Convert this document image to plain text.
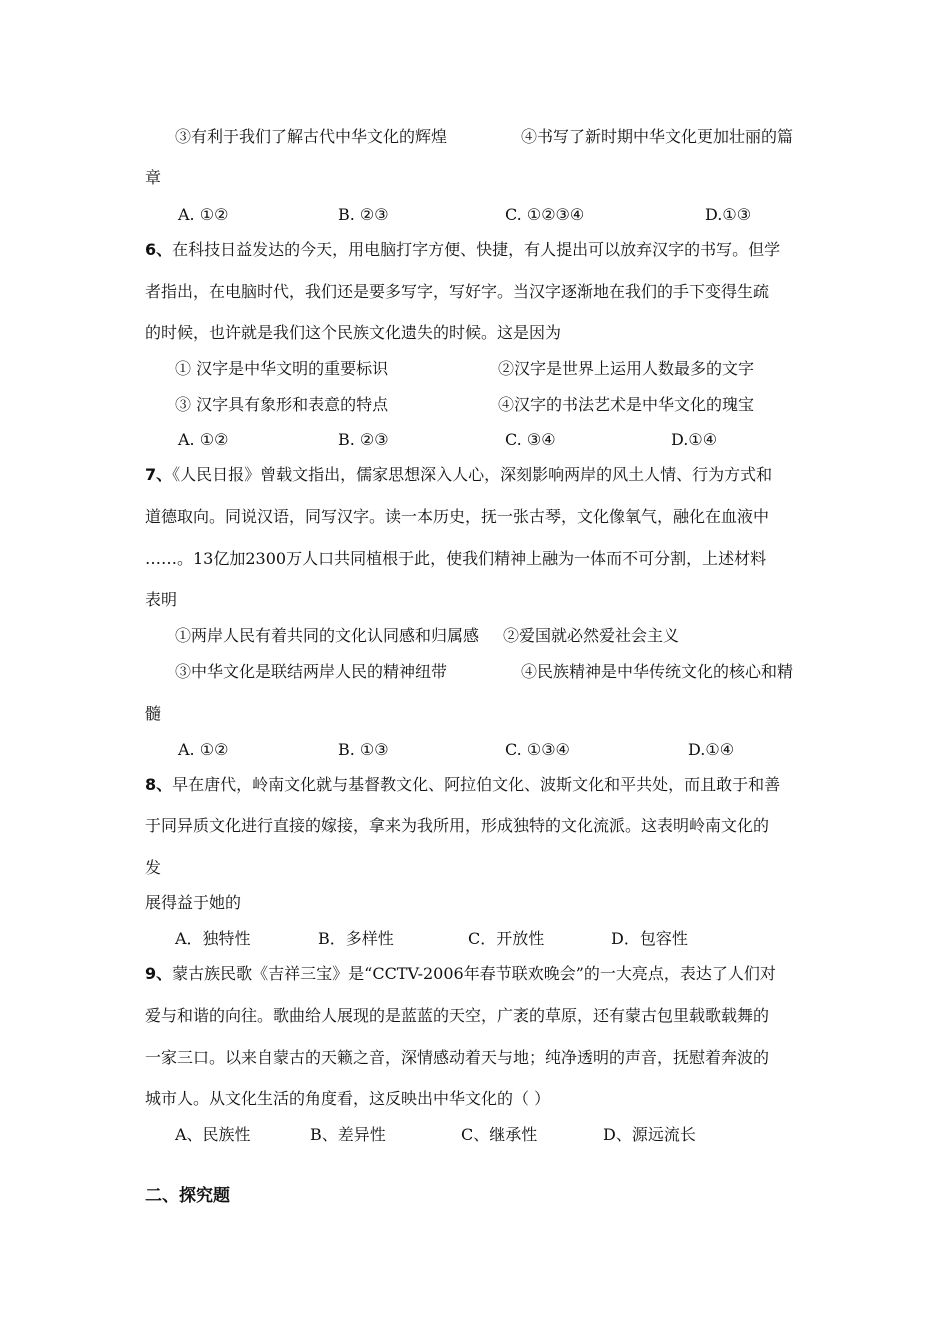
③有利于我们了解古代中华文化的辉煌	④书写了新时期中华文化更加壮丽的篇
章
A. ①②	B. ②③	C. ①②③④	D.①③
6、在科技日益发达的今天，用电脑打字方便、快捷，有人提出可以放弃汉字的书写。但学
者指出，在电脑时代，我们还是要多写字，写好字。当汉字逐渐地在我们的手下变得生疏
的时候，也许就是我们这个民族文化遗失的时候。这是因为
① 汉字是中华文明的重要标识	②汉字是世界上运用人数最多的文字
③ 汉字具有象形和表意的特点	④汉字的书法艺术是中华文化的瑰宝
A. ①②	B. ②③	C. ③④	D.①④
7、《人民日报》曾载文指出，儒家思想深入人心，深刻影响两岸的风土人情、行为方式和
道德取向。同说汉语，同写汉字。读一本历史，抚一张古琴，文化像氧气，融化在血液中
……。13亿加2300万人口共同植根于此，使我们精神上融为一体而不可分割，上述材料
表明
①两岸人民有着共同的文化认同感和归属感 ②爱国就必然爱社会主义
③中华文化是联结两岸人民的精神纽带	④民族精神是中华传统文化的核心和精
髓
A. ①②	B. ①③	C. ①③④	D.①④
8、早在唐代，岭南文化就与基督教文化、阿拉伯文化、波斯文化和平共处，而且敢于和善
于同异质文化进行直接的嫁接，拿来为我所用，形成独特的文化流派。这表明岭南文化的
发
展得益于她的
A．独特性	B．多样性	C．开放性	D．包容性
9、蒙古族民歌《吉祥三宝》是“CCTV-2006年春节联欢晚会”的一大亮点，表达了人们对
爱与和谐的向往。歌曲给人展现的是蓝蓝的天空，广袤的草原，还有蒙古包里载歌载舞的
一家三口。以来自蒙古的天籁之音，深情感动着天与地；纯净透明的声音，抚慰着奔波的
城市人。从文化生活的角度看，这反映出中华文化的（ ）
A、民族性	B、差异性	C、继承性	D、源远流长
二、探究题
